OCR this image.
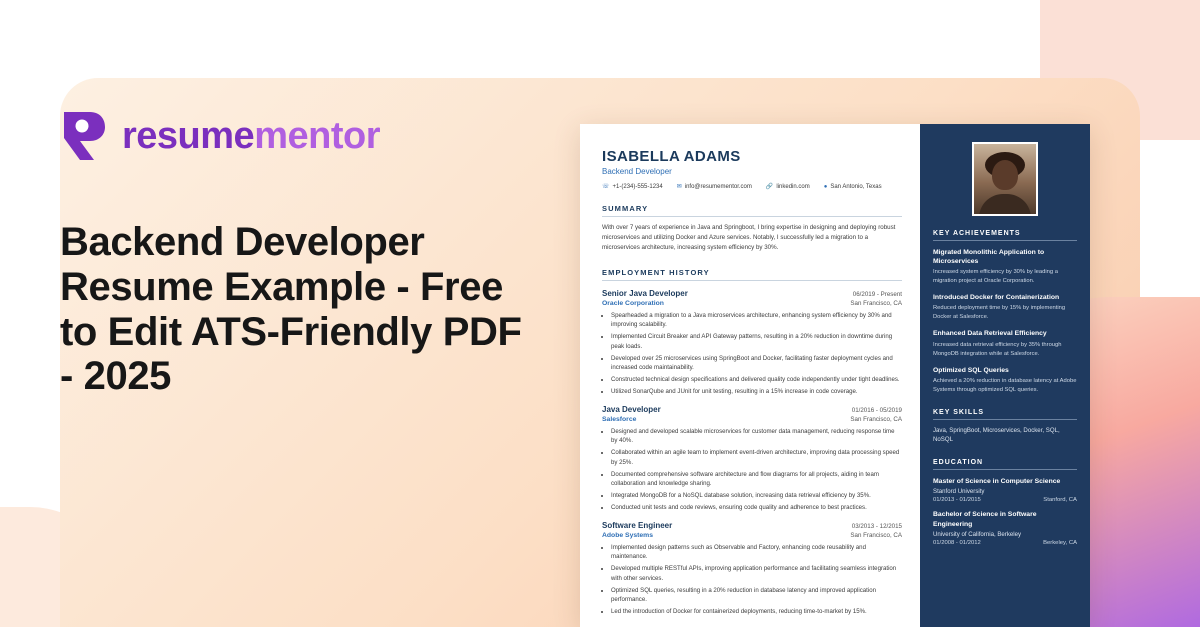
resumementor
Backend Developer Resume Example - Free to Edit ATS-Friendly PDF - 2025
ISABELLA ADAMS
Backend Developer
☏ +1-(234)-555-1234 ✉ info@resumementor.com 🔗 linkedin.com ● San Antonio, Texas
SUMMARY
With over 7 years of experience in Java and Springboot, I bring expertise in designing and deploying robust microservices and utilizing Docker and Azure services. Notably, I successfully led a migration to a microservices architecture, increasing system efficiency by 30%.
EMPLOYMENT HISTORY
Senior Java Developer	06/2019 - Present
Oracle Corporation	San Francisco, CA
• Spearheaded a migration to a Java microservices architecture, enhancing system efficiency by 30% and improving scalability.
• Implemented Circuit Breaker and API Gateway patterns, resulting in a 20% reduction in downtime during peak loads.
• Developed over 25 microservices using SpringBoot and Docker, facilitating faster deployment cycles and increased code maintainability.
• Constructed technical design specifications and delivered quality code independently under tight deadlines.
• Utilized SonarQube and JUnit for unit testing, resulting in a 15% increase in code coverage.
Java Developer	01/2016 - 05/2019
Salesforce	San Francisco, CA
• Designed and developed scalable microservices for customer data management, reducing response time by 40%.
• Collaborated within an agile team to implement event-driven architecture, improving data processing speed by 25%.
• Documented comprehensive software architecture and flow diagrams for all projects, aiding in team collaboration and knowledge sharing.
• Integrated MongoDB for a NoSQL database solution, increasing data retrieval efficiency by 35%.
• Conducted unit tests and code reviews, ensuring code quality and adherence to best practices.
Software Engineer	03/2013 - 12/2015
Adobe Systems	San Francisco, CA
• Implemented design patterns such as Observable and Factory, enhancing code reusability and maintenance.
• Developed multiple RESTful APIs, improving application performance and facilitating seamless integration with other services.
• Optimized SQL queries, resulting in a 20% reduction in database latency and improved application performance.
• Led the introduction of Docker for containerized deployments, reducing time-to-market by 15%.
KEY ACHIEVEMENTS
Migrated Monolithic Application to Microservices
Increased system efficiency by 30% by leading a migration project at Oracle Corporation.
Introduced Docker for Containerization
Reduced deployment time by 15% by implementing Docker at Salesforce.
Enhanced Data Retrieval Efficiency
Increased data retrieval efficiency by 35% through MongoDB integration while at Salesforce.
Optimized SQL Queries
Achieved a 20% reduction in database latency at Adobe Systems through optimized SQL queries.
KEY SKILLS
Java, SpringBoot, Microservices, Docker, SQL, NoSQL
EDUCATION
Master of Science in Computer Science
Stanford University
01/2013 - 01/2015	Stanford, CA
Bachelor of Science in Software Engineering
University of California, Berkeley
01/2008 - 01/2012	Berkeley, CA
